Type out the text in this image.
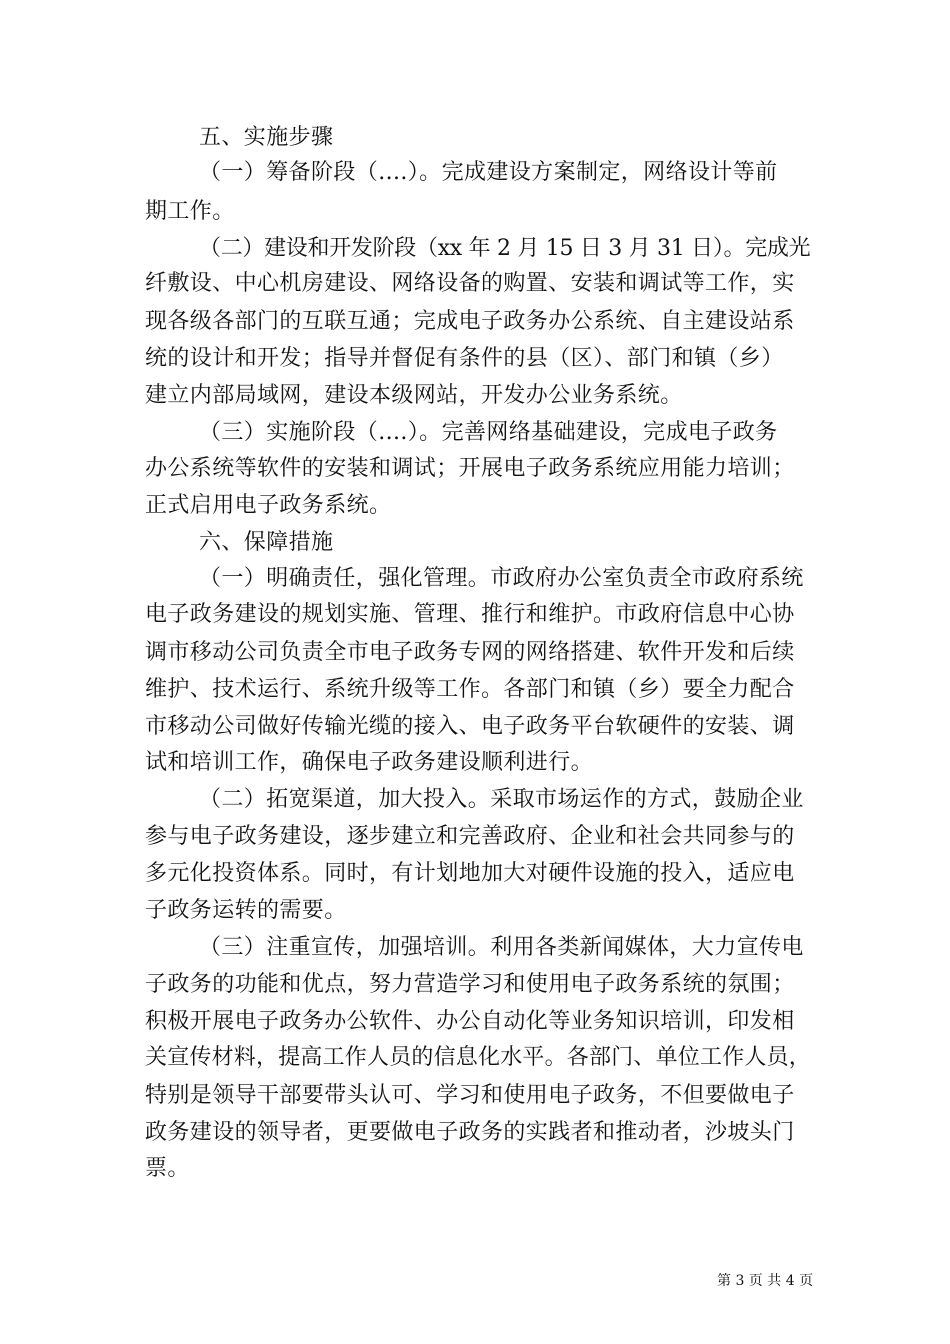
五、实施步骤
（一）筹备阶段（....）。完成建设方案制定，网络设计等前
期工作。
（二）建设和开发阶段（xx 年 2 月 15 日 3 月 31 日）。完成光
纤敷设、中心机房建设、网络设备的购置、安装和调试等工作，实
现各级各部门的互联互通；完成电子政务办公系统、自主建设站系
统的设计和开发；指导并督促有条件的县（区）、部门和镇（乡）
建立内部局域网，建设本级网站，开发办公业务系统。
（三）实施阶段（....）。完善网络基础建设，完成电子政务
办公系统等软件的安装和调试；开展电子政务系统应用能力培训；
正式启用电子政务系统。
六、保障措施
（一）明确责任，强化管理。市政府办公室负责全市政府系统
电子政务建设的规划实施、管理、推行和维护。市政府信息中心协
调市移动公司负责全市电子政务专网的网络搭建、软件开发和后续
维护、技术运行、系统升级等工作。各部门和镇（乡）要全力配合
市移动公司做好传输光缆的接入、电子政务平台软硬件的安装、调
试和培训工作，确保电子政务建设顺利进行。
（二）拓宽渠道，加大投入。采取市场运作的方式，鼓励企业
参与电子政务建设，逐步建立和完善政府、企业和社会共同参与的
多元化投资体系。同时，有计划地加大对硬件设施的投入，适应电
子政务运转的需要。
（三）注重宣传，加强培训。利用各类新闻媒体，大力宣传电
子政务的功能和优点，努力营造学习和使用电子政务系统的氛围；
积极开展电子政务办公软件、办公自动化等业务知识培训，印发相
关宣传材料，提高工作人员的信息化水平。各部门、单位工作人员，
特别是领导干部要带头认可、学习和使用电子政务，不但要做电子
政务建设的领导者，更要做电子政务的实践者和推动者，沙坡头门
票。
第 3 页 共 4 页
